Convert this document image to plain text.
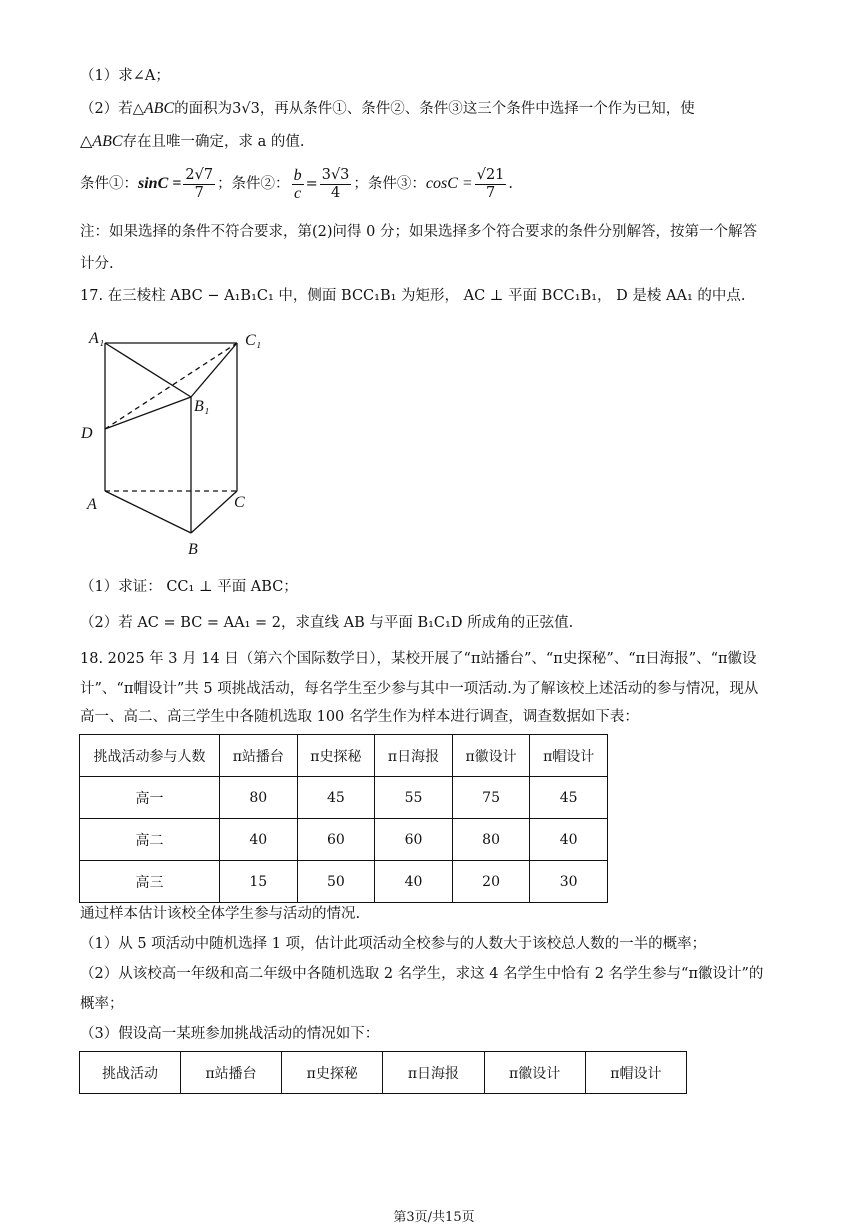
（1）求∠A；
（2）若△ABC的面积为3√3，再从条件①、条件②、条件③这三个条件中选择一个作为已知，使
△ABC存在且唯一确定，求 a 的值.
条件①：$\sin C = \frac{2√7}{7}$ ；条件②： $\frac{b}{c} = \frac{3√3}{4}$ ；条件③：$\cos C = \frac{√21}{7}$ .
注：如果选择的条件不符合要求，第(2)问得 0 分；如果选择多个符合要求的条件分别解答，按第一个解答
计分.
17. 在三棱柱 ABC − A₁B₁C₁ 中，侧面 BCC₁B₁ 为矩形， AC ⊥ 平面 BCC₁B₁， D 是棱 AA₁ 的中点.
A₁	C₁
B₁
D
A	C
B
（1）求证： CC₁ ⊥ 平面 ABC；
（2）若 AC = BC = AA₁ = 2，求直线 AB 与平面 B₁C₁D 所成角的正弦值.
18. 2025 年 3 月 14 日（第六个国际数学日），某校开展了“π站播台”、“π史探秘”、“π日海报”、“π徽设
计”、“π帽设计”共 5 项挑战活动，每名学生至少参与其中一项活动.为了解该校上述活动的参与情况，现从
高一、高二、高三学生中各随机选取 100 名学生作为样本进行调查，调查数据如下表：
挑战活动参与人数	π站播台	π史探秘	π日海报	π徽设计	π帽设计
高一	80	45	55	75	45
高二	40	60	60	80	40
高三	15	50	40	20	30
通过样本估计该校全体学生参与活动的情况.
（1）从 5 项活动中随机选择 1 项，估计此项活动全校参与的人数大于该校总人数的一半的概率；
（2）从该校高一年级和高二年级中各随机选取 2 名学生，求这 4 名学生中恰有 2 名学生参与“π徽设计”的
概率；
（3）假设高一某班参加挑战活动的情况如下：
挑战活动	π站播台	π史探秘	π日海报	π徽设计	π帽设计
第3页/共15页
